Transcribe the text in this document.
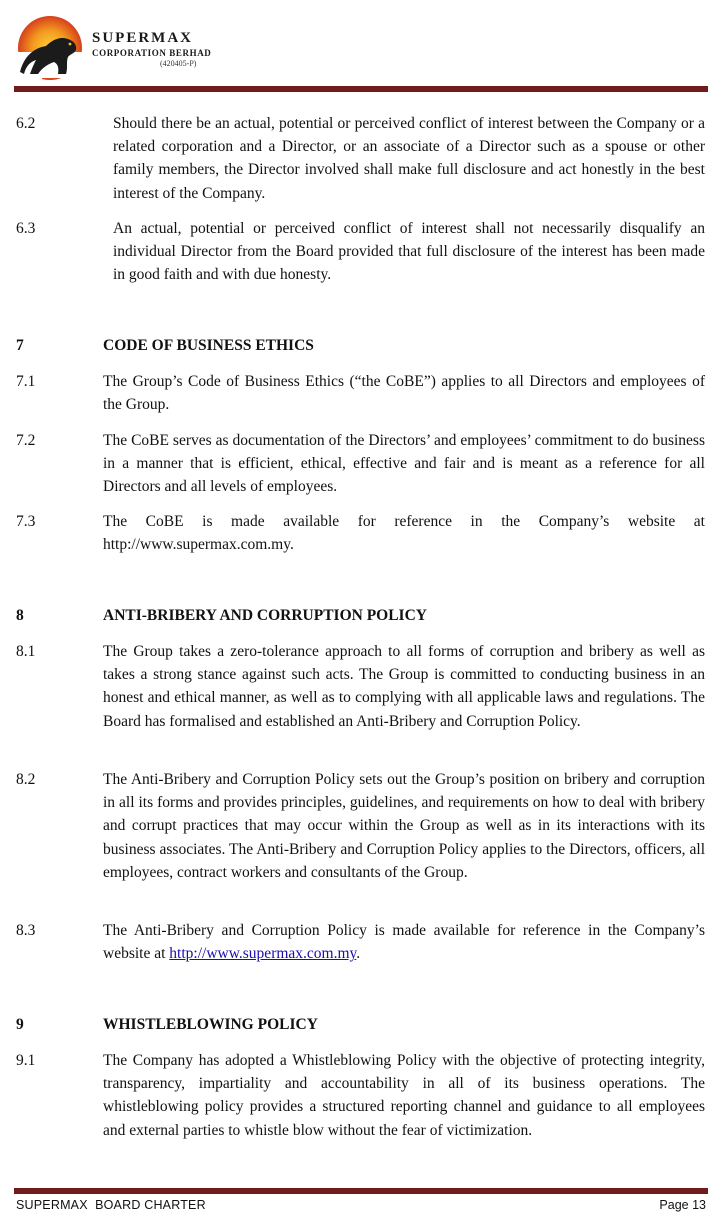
SUPERMAX
CORPORATION BERHAD
(420405-P)
6.2	Should there be an actual, potential or perceived conflict of interest between the Company or a related corporation and a Director, or an associate of a Director such as a spouse or other family members, the Director involved shall make full disclosure and act honestly in the best interest of the Company.
6.3	An actual, potential or perceived conflict of interest shall not necessarily disqualify an individual Director from the Board provided that full disclosure of the interest has been made in good faith and with due honesty.
7	CODE OF BUSINESS ETHICS
7.1	The Group’s Code of Business Ethics (“the CoBE”) applies to all Directors and employees of the Group.
7.2	The CoBE serves as documentation of the Directors’ and employees’ commitment to do business in a manner that is efficient, ethical, effective and fair and is meant as a reference for all Directors and all levels of employees.
7.3	The CoBE is made available for reference in the Company’s website at http://www.supermax.com.my.
8	ANTI-BRIBERY AND CORRUPTION POLICY
8.1	The Group takes a zero-tolerance approach to all forms of corruption and bribery as well as takes a strong stance against such acts. The Group is committed to conducting business in an honest and ethical manner, as well as to complying with all applicable laws and regulations. The Board has formalised and established an Anti-Bribery and Corruption Policy.
8.2	The Anti-Bribery and Corruption Policy sets out the Group’s position on bribery and corruption in all its forms and provides principles, guidelines, and requirements on how to deal with bribery and corrupt practices that may occur within the Group as well as in its interactions with its business associates. The Anti-Bribery and Corruption Policy applies to the Directors, officers, all employees, contract workers and consultants of the Group.
8.3	The Anti-Bribery and Corruption Policy is made available for reference in the Company’s website at http://www.supermax.com.my.
9	WHISTLEBLOWING POLICY
9.1	The Company has adopted a Whistleblowing Policy with the objective of protecting integrity, transparency, impartiality and accountability in all of its business operations. The whistleblowing policy provides a structured reporting channel and guidance to all employees and external parties to whistle blow without the fear of victimization.
SUPERMAX  BOARD CHARTER	Page 13
